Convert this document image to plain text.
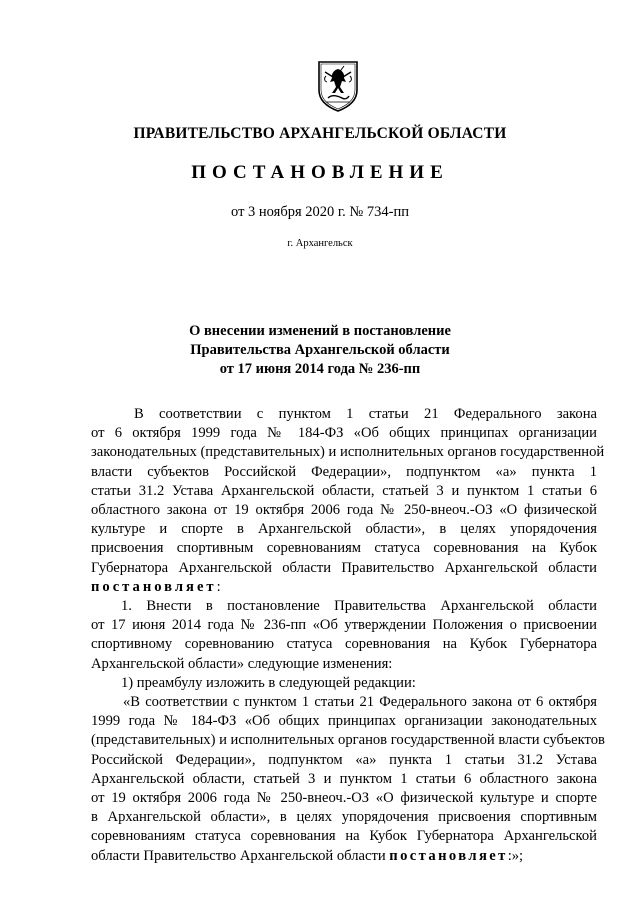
ПРАВИТЕЛЬСТВО АРХАНГЕЛЬСКОЙ ОБЛАСТИ
ПОСТАНОВЛЕНИЕ
от 3 ноября 2020 г. № 734-пп
г. Архангельск
О внесении изменений в постановление
Правительства Архангельской области
от 17 июня 2014 года № 236-пп
В соответствии с пунктом 1 статьи 21 Федерального закона
от 6 октября 1999 года № 184-ФЗ «Об общих принципах организации
законодательных (представительных) и исполнительных органов государственной
власти субъектов Российской Федерации», подпунктом «а» пункта 1
статьи 31.2 Устава Архангельской области, статьей 3 и пунктом 1 статьи 6
областного закона от 19 октября 2006 года № 250-внеоч.-ОЗ «О физической
культуре и спорте в Архангельской области», в целях упорядочения
присвоения спортивным соревнованиям статуса соревнования на Кубок
Губернатора Архангельской области Правительство Архангельской области
постановляет:
1. Внести в постановление Правительства Архангельской области
от 17 июня 2014 года № 236-пп «Об утверждении Положения о присвоении
спортивному соревнованию статуса соревнования на Кубок Губернатора
Архангельской области» следующие изменения:
1) преамбулу изложить в следующей редакции:
«В соответствии с пунктом 1 статьи 21 Федерального закона от 6 октября
1999 года № 184-ФЗ «Об общих принципах организации законодательных
(представительных) и исполнительных органов государственной власти субъектов
Российской Федерации», подпунктом «а» пункта 1 статьи 31.2 Устава
Архангельской области, статьей 3 и пунктом 1 статьи 6 областного закона
от 19 октября 2006 года № 250-внеоч.-ОЗ «О физической культуре и спорте
в Архангельской области», в целях упорядочения присвоения спортивным
соревнованиям статуса соревнования на Кубок Губернатора Архангельской
области Правительство Архангельской области постановляет:»;
